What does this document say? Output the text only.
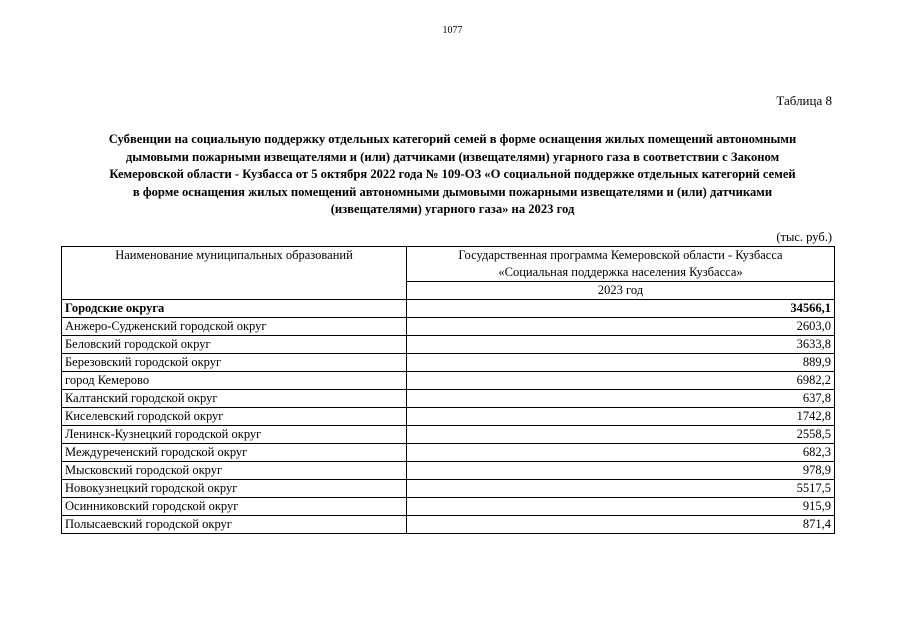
1077
Таблица 8
Субвенции на социальную поддержку отдельных категорий семей в форме оснащения жилых помещений автономными
дымовыми пожарными извещателями и (или) датчиками (извещателями) угарного газа в соответствии с Законом
Кемеровской области - Кузбасса от 5 октября 2022 года № 109-ОЗ «О социальной поддержке отдельных категорий семей
в форме оснащения жилых помещений автономными дымовыми пожарными извещателями и (или) датчиками
(извещателями) угарного газа» на 2023 год
(тыс. руб.)
Наименование муниципальных образований	Государственная программа Кемеровской области - Кузбасса
«Социальная поддержка населения Кузбасса»

	2023 год
Городские округа	34566,1
Анжеро-Судженский городской округ	2603,0
Беловский городской округ	3633,8
Березовский городской округ	889,9
город Кемерово	6982,2
Калтанский городской округ	637,8
Киселевский городской округ	1742,8
Ленинск-Кузнецкий городской округ	2558,5
Междуреченский городской округ	682,3
Мысковский городской округ	978,9
Новокузнецкий городской округ	5517,5
Осинниковский городской округ	915,9
Полысаевский городской округ	871,4
